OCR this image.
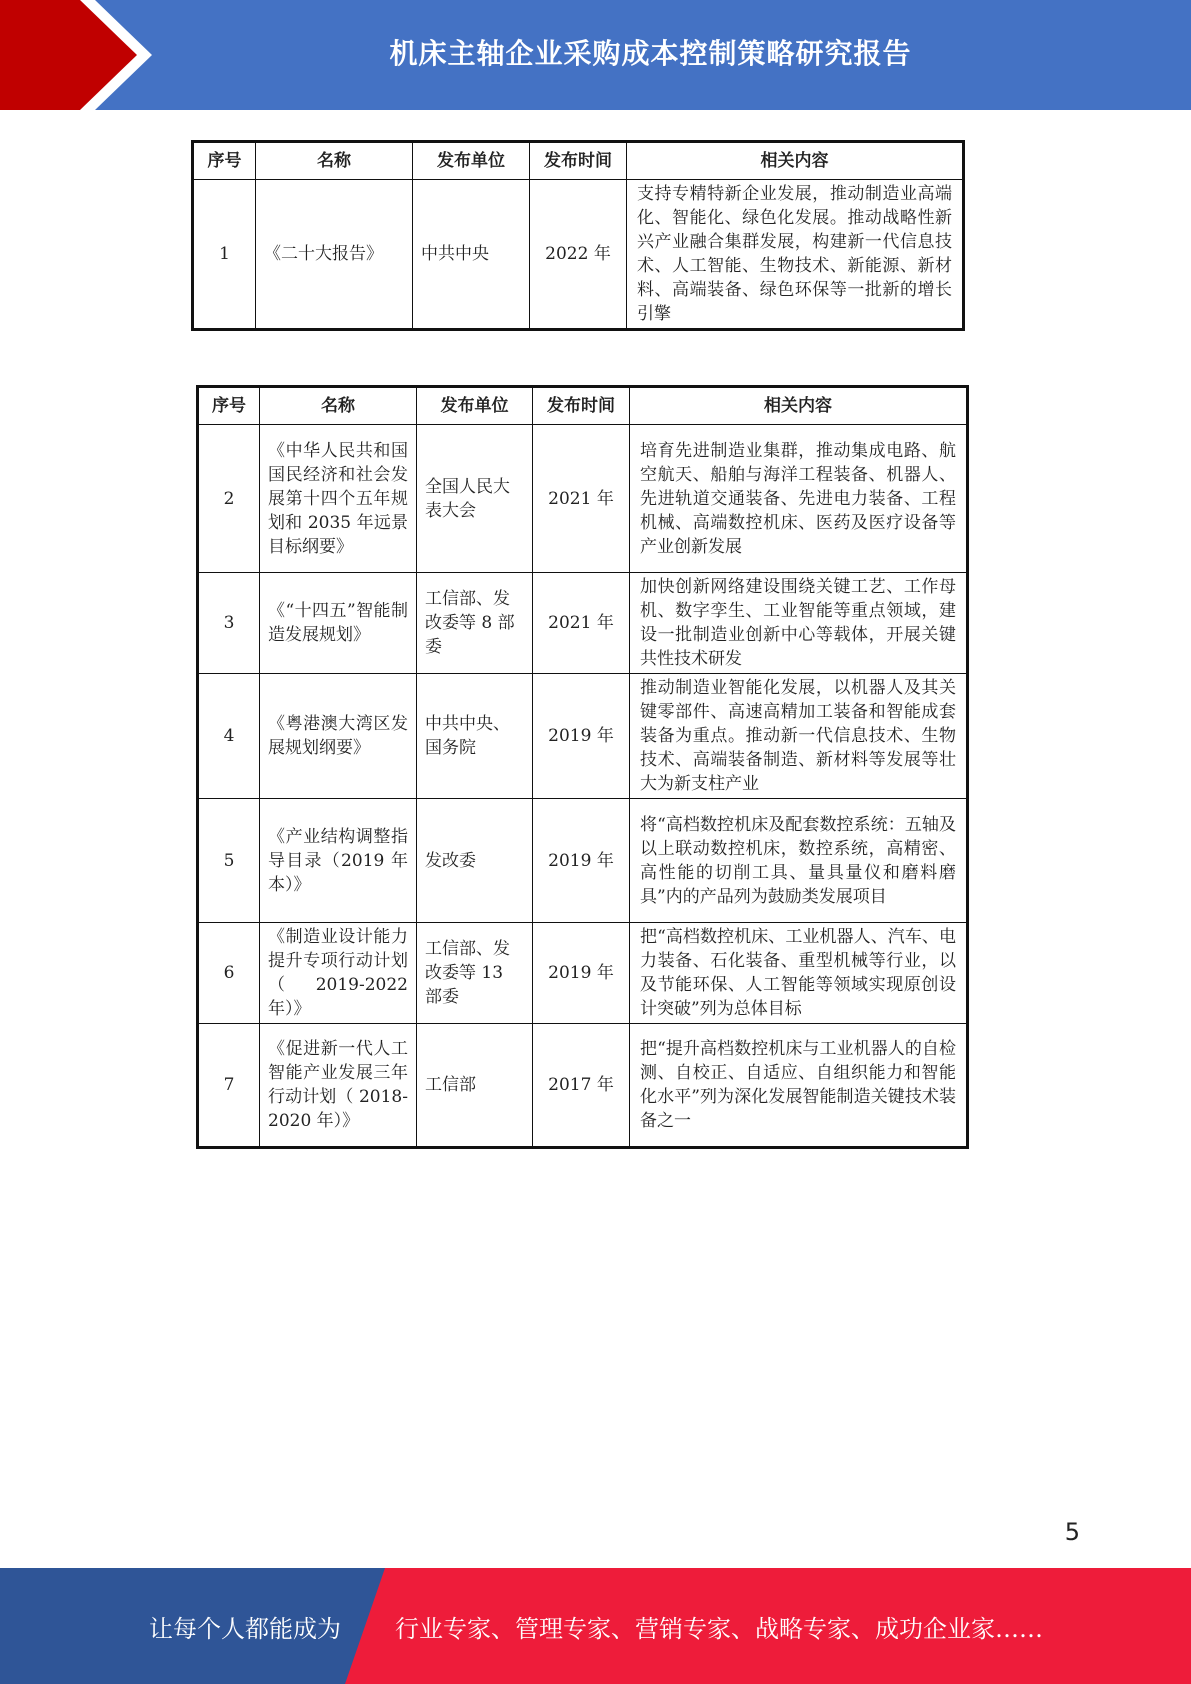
机床主轴企业采购成本控制策略研究报告
序号	名称	发布单位	发布时间	相关内容
1	《二十大报告》	中共中央	2022 年	支持专精特新企业发展，推动制造业高端化、智能化、绿色化发展。推动战略性新兴产业融合集群发展，构建新一代信息技术、人工智能、生物技术、新能源、新材料、高端装备、绿色环保等一批新的增长引擎
序号	名称	发布单位	发布时间	相关内容
2	《中华人民共和国国民经济和社会发展第十四个五年规划和 2035 年远景目标纲要》	全国人民大表大会	2021 年	培育先进制造业集群，推动集成电路、航空航天、船舶与海洋工程装备、机器人、先进轨道交通装备、先进电力装备、工程机械、高端数控机床、医药及医疗设备等产业创新发展
3	《“十四五”智能制造发展规划》	工信部、发改委等 8 部委	2021 年	加快创新网络建设围绕关键工艺、工作母机、数字孪生、工业智能等重点领域，建设一批制造业创新中心等载体，开展关键共性技术研发
4	《粤港澳大湾区发展规划纲要》	中共中央、国务院	2019 年	推动制造业智能化发展，以机器人及其关键零部件、高速高精加工装备和智能成套装备为重点。推动新一代信息技术、生物技术、高端装备制造、新材料等发展等壮大为新支柱产业
5	《产业结构调整指导目录（2019 年本）》	发改委	2019 年	将“高档数控机床及配套数控系统：五轴及以上联动数控机床，数控系统，高精密、高性能的切削工具、量具量仪和磨料磨具”内的产品列为鼓励类发展项目
6	《制造业设计能力提升专项行动计划（2019-2022 年）》	工信部、发改委等 13 部委	2019 年	把“高档数控机床、工业机器人、汽车、电力装备、石化装备、重型机械等行业，以及节能环保、人工智能等领域实现原创设计突破”列为总体目标
7	《促进新一代人工智能产业发展三年行动计划（ 2018-2020 年）》	工信部	2017 年	把“提升高档数控机床与工业机器人的自检测、自校正、自适应、自组织能力和智能化水平”列为深化发展智能制造关键技术装备之一
5
让每个人都能成为	行业专家、管理专家、营销专家、战略专家、成功企业家……
